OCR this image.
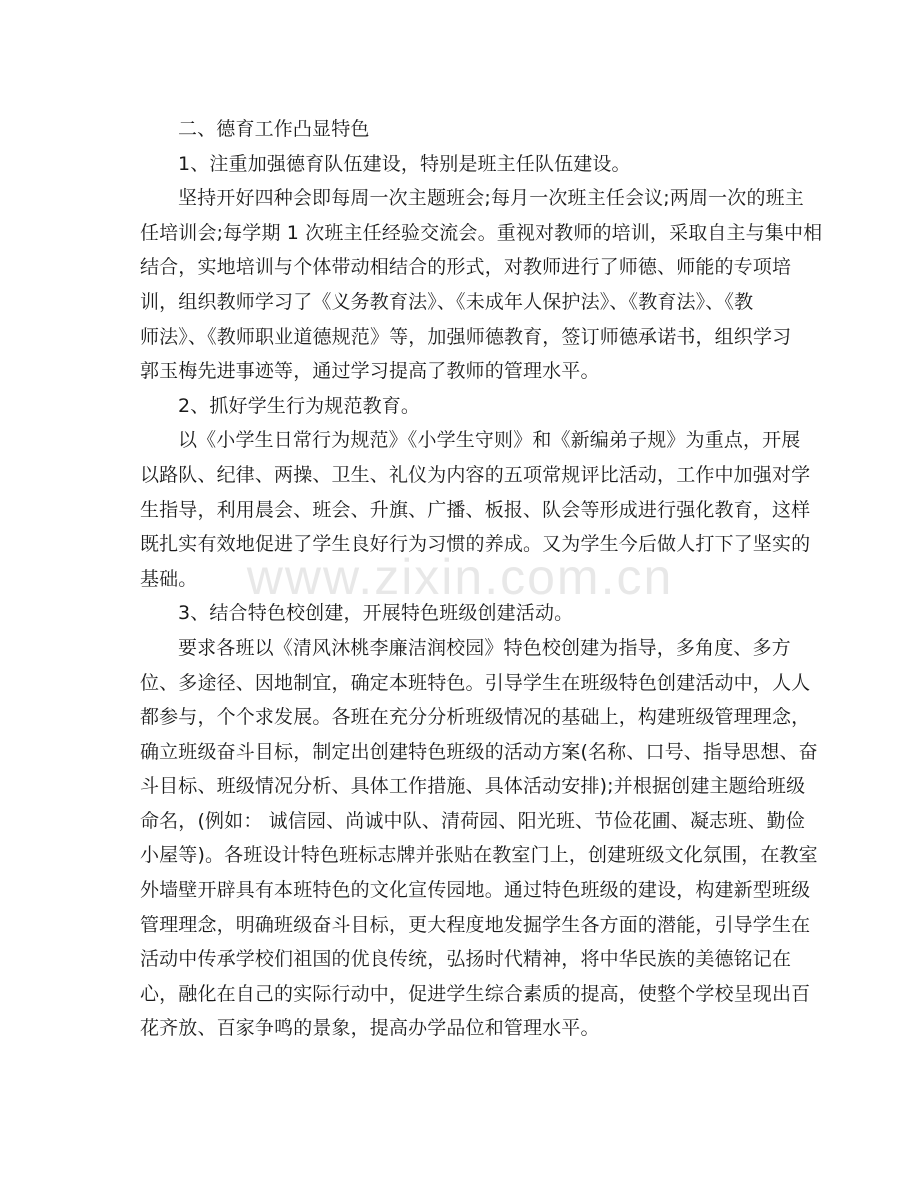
二、德育工作凸显特色
1、注重加强德育队伍建设，特别是班主任队伍建设。
坚持开好四种会即每周一次主题班会;每月一次班主任会议;两周一次的班主
任培训会;每学期 1 次班主任经验交流会。重视对教师的培训，采取自主与集中相
结合，实地培训与个体带动相结合的形式，对教师进行了师德、师能的专项培
训，组织教师学习了《义务教育法》、《未成年人保护法》、《教育法》、《教
师法》、《教师职业道德规范》等，加强师德教育，签订师德承诺书，组织学习
郭玉梅先进事迹等，通过学习提高了教师的管理水平。
2、抓好学生行为规范教育。
以《小学生日常行为规范》《小学生守则》和《新编弟子规》为重点，开展
以路队、纪律、两操、卫生、礼仪为内容的五项常规评比活动，工作中加强对学
生指导，利用晨会、班会、升旗、广播、板报、队会等形成进行强化教育，这样
既扎实有效地促进了学生良好行为习惯的养成。又为学生今后做人打下了坚实的
基础。
3、结合特色校创建，开展特色班级创建活动。
要求各班以《清风沐桃李廉洁润校园》特色校创建为指导，多角度、多方
位、多途径、因地制宜，确定本班特色。引导学生在班级特色创建活动中，人人
都参与，个个求发展。各班在充分分析班级情况的基础上，构建班级管理理念，
确立班级奋斗目标，制定出创建特色班级的活动方案(名称、口号、指导思想、奋
斗目标、班级情况分析、具体工作措施、具体活动安排);并根据创建主题给班级
命名，(例如： 诚信园、尚诚中队、清荷园、阳光班、节俭花圃、凝志班、勤俭
小屋等)。各班设计特色班标志牌并张贴在教室门上，创建班级文化氛围，在教室
外墙壁开辟具有本班特色的文化宣传园地。通过特色班级的建设，构建新型班级
管理理念，明确班级奋斗目标，更大程度地发掘学生各方面的潜能，引导学生在
活动中传承学校们祖国的优良传统，弘扬时代精神，将中华民族的美德铭记在
心，融化在自己的实际行动中，促进学生综合素质的提高，使整个学校呈现出百
花齐放、百家争鸣的景象，提高办学品位和管理水平。
www.zixin.com.cn
